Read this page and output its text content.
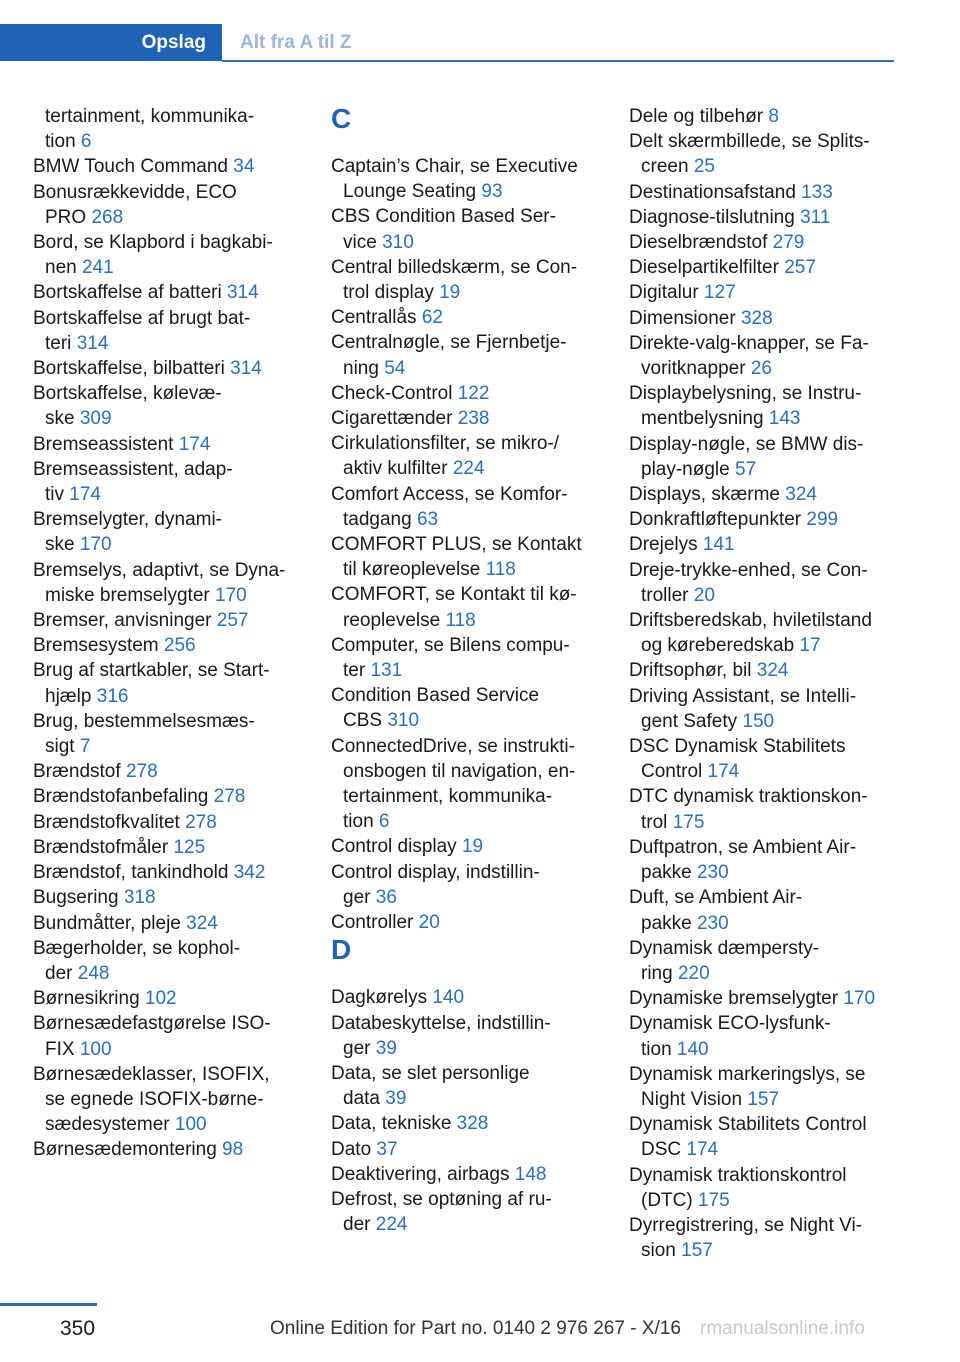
Opslag Alt fra A til Z
tertainment, kommunika-
tion 6
BMW Touch Command 34
Bonusrækkevidde, ECO
PRO 268
Bord, se Klapbord i bagkabi-
nen 241
Bortskaffelse af batteri 314
Bortskaffelse af brugt bat-
teri 314
Bortskaffelse, bilbatteri 314
Bortskaffelse, kølevæ-
ske 309
Bremseassistent 174
Bremseassistent, adap-
tiv 174
Bremselygter, dynami-
ske 170
Bremselys, adaptivt, se Dyna-
miske bremselygter 170
Bremser, anvisninger 257
Bremsesystem 256
Brug af startkabler, se Start-
hjælp 316
Brug, bestemmelsesmæs-
sigt 7
Brændstof 278
Brændstofanbefaling 278
Brændstofkvalitet 278
Brændstofmåler 125
Brændstof, tankindhold 342
Bugsering 318
Bundmåtter, pleje 324
Bægerholder, se kophol-
der 248
Børnesikring 102
Børnesædefastgørelse ISO-
FIX 100
Børnesædeklasser, ISOFIX,
se egnede ISOFIX-børne-
sædesystemer 100
Børnesædemontering 98
C
Captain’s Chair, se Executive
Lounge Seating 93
CBS Condition Based Ser-
vice 310
Central billedskærm, se Con-
trol display 19
Centrallås 62
Centralnøgle, se Fjernbetje-
ning 54
Check-Control 122
Cigarettænder 238
Cirkulationsfilter, se mikro-/
aktiv kulfilter 224
Comfort Access, se Komfor-
tadgang 63
COMFORT PLUS, se Kontakt
til køreoplevelse 118
COMFORT, se Kontakt til kø-
reoplevelse 118
Computer, se Bilens compu-
ter 131
Condition Based Service
CBS 310
ConnectedDrive, se instrukti-
onsbogen til navigation, en-
tertainment, kommunika-
tion 6
Control display 19
Control display, indstillin-
ger 36
Controller 20
D
Dagkørelys 140
Databeskyttelse, indstillin-
ger 39
Data, se slet personlige
data 39
Data, tekniske 328
Dato 37
Deaktivering, airbags 148
Defrost, se optøning af ru-
der 224
Dele og tilbehør 8
Delt skærmbillede, se Splits-
creen 25
Destinationsafstand 133
Diagnose-tilslutning 311
Dieselbrændstof 279
Dieselpartikelfilter 257
Digitalur 127
Dimensioner 328
Direkte-valg-knapper, se Fa-
voritknapper 26
Displaybelysning, se Instru-
mentbelysning 143
Display-nøgle, se BMW dis-
play-nøgle 57
Displays, skærme 324
Donkraftløftepunkter 299
Drejelys 141
Dreje-trykke-enhed, se Con-
troller 20
Driftsberedskab, hviletilstand
og køreberedskab 17
Driftsophør, bil 324
Driving Assistant, se Intelli-
gent Safety 150
DSC Dynamisk Stabilitets
Control 174
DTC dynamisk traktionskon-
trol 175
Duftpatron, se Ambient Air-
pakke 230
Duft, se Ambient Air-
pakke 230
Dynamisk dæmpersty-
ring 220
Dynamiske bremselygter 170
Dynamisk ECO-lysfunk-
tion 140
Dynamisk markeringslys, se
Night Vision 157
Dynamisk Stabilitets Control
DSC 174
Dynamisk traktionskontrol
(DTC) 175
Dyrregistrering, se Night Vi-
sion 157
350	Online Edition for Part no. 0140 2 976 267 - X/16 rmanualsonline.info
